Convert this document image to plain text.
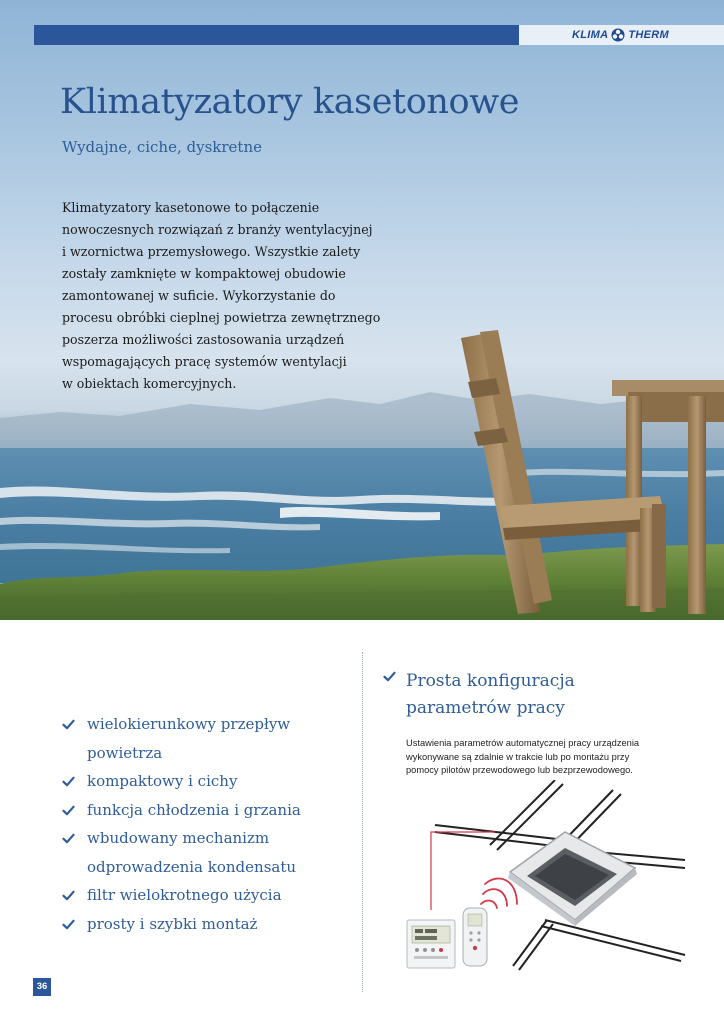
KLIMA THERM
Klimatyzatory kasetonowe
Wydajne, ciche, dyskretne
Klimatyzatory kasetonowe to połączenie
nowoczesnych rozwiązań z branży wentylacyjnej
i wzornictwa przemysłowego. Wszystkie zalety
zostały zamknięte w kompaktowej obudowie
zamontowanej w suficie. Wykorzystanie do
procesu obróbki cieplnej powietrza zewnętrznego
poszerza możliwości zastosowania urządzeń
wspomagających pracę systemów wentylacji
w obiektach komercyjnych.
wielokierunkowy przepływ powietrza
kompaktowy i cichy
funkcja chłodzenia i grzania
wbudowany mechanizm odprowadzenia kondensatu
filtr wielokrotnego użycia
prosty i szybki montaż
Prosta konfiguracja
parametrów pracy
Ustawienia parametrów automatycznej pracy urządzenia
wykonywane są zdalnie w trakcie lub po montażu przy
pomocy pilotów przewodowego lub bezprzewodowego.
36
